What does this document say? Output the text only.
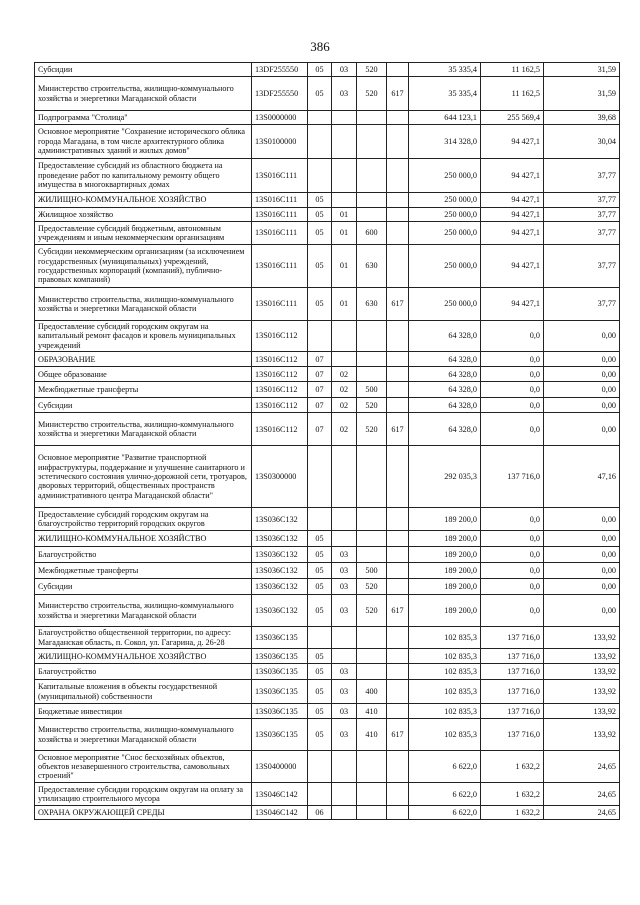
386
Субсидии	13DF255550	05	03	520		35 335,4	11 162,5	31,59
Министерство строительства, жилищно-коммунального хозяйства и энергетики Магаданской области	13DF255550	05	03	520	617	35 335,4	11 162,5	31,59
Подпрограмма "Столица"	13S0000000					644 123,1	255 569,4	39,68
Основное мероприятие "Сохранение исторического облика города Магадана, в том числе архитектурного облика административных зданий и жилых домов"	13S0100000					314 328,0	94 427,1	30,04
Предоставление субсидий из областного бюджета на проведение работ по капитальному ремонту общего имущества в многоквартирных домах	13S016C111					250 000,0	94 427,1	37,77
ЖИЛИЩНО-КОММУНАЛЬНОЕ ХОЗЯЙСТВО	13S016C111	05				250 000,0	94 427,1	37,77
Жилищное хозяйство	13S016C111	05	01			250 000,0	94 427,1	37,77
Предоставление субсидий бюджетным, автономным учреждениям и иным некоммерческим организациям	13S016C111	05	01	600		250 000,0	94 427,1	37,77
Субсидии некоммерческим организациям (за исключением государственных (муниципальных) учреждений, государственных корпораций (компаний), публично-правовых компаний)	13S016C111	05	01	630		250 000,0	94 427,1	37,77
Министерство строительства, жилищно-коммунального хозяйства и энергетики Магаданской области	13S016C111	05	01	630	617	250 000,0	94 427,1	37,77
Предоставление субсидий городским округам на капитальный ремонт фасадов и кровель муниципальных учреждений	13S016C112					64 328,0	0,0	0,00
ОБРАЗОВАНИЕ	13S016C112	07				64 328,0	0,0	0,00
Общее образование	13S016C112	07	02			64 328,0	0,0	0,00
Межбюджетные трансферты	13S016C112	07	02	500		64 328,0	0,0	0,00
Субсидии	13S016C112	07	02	520		64 328,0	0,0	0,00
Министерство строительства, жилищно-коммунального хозяйства и энергетики Магаданской области	13S016C112	07	02	520	617	64 328,0	0,0	0,00
Основное мероприятие "Развитие транспортной инфраструктуры, поддержание и улучшение санитарного и эстетического состояния улично-дорожной сети, тротуаров, дворовых территорий, общественных пространств административного центра Магаданской области"	13S0300000					292 035,3	137 716,0	47,16
Предоставление субсидий городским округам на благоустройство территорий городских округов	13S036C132					189 200,0	0,0	0,00
ЖИЛИЩНО-КОММУНАЛЬНОЕ ХОЗЯЙСТВО	13S036C132	05				189 200,0	0,0	0,00
Благоустройство	13S036C132	05	03			189 200,0	0,0	0,00
Межбюджетные трансферты	13S036C132	05	03	500		189 200,0	0,0	0,00
Субсидии	13S036C132	05	03	520		189 200,0	0,0	0,00
Министерство строительства, жилищно-коммунального хозяйства и энергетики Магаданской области	13S036C132	05	03	520	617	189 200,0	0,0	0,00
Благоустройство общественной территории, по адресу: Магаданская область, п. Сокол, ул. Гагарина, д. 26-28	13S036C135					102 835,3	137 716,0	133,92
ЖИЛИЩНО-КОММУНАЛЬНОЕ ХОЗЯЙСТВО	13S036C135	05				102 835,3	137 716,0	133,92
Благоустройство	13S036C135	05	03			102 835,3	137 716,0	133,92
Капитальные вложения в объекты государственной (муниципальной) собственности	13S036C135	05	03	400		102 835,3	137 716,0	133,92
Бюджетные инвестиции	13S036C135	05	03	410		102 835,3	137 716,0	133,92
Министерство строительства, жилищно-коммунального хозяйства и энергетики Магаданской области	13S036C135	05	03	410	617	102 835,3	137 716,0	133,92
Основное мероприятие "Снос бесхозяйных объектов, объектов незавершенного строительства, самовольных строений"	13S0400000					6 622,0	1 632,2	24,65
Предоставление субсидии городским округам на оплату за утилизацию строительного мусора	13S046C142					6 622,0	1 632,2	24,65
ОХРАНА ОКРУЖАЮЩЕЙ СРЕДЫ	13S046C142	06				6 622,0	1 632,2	24,65
